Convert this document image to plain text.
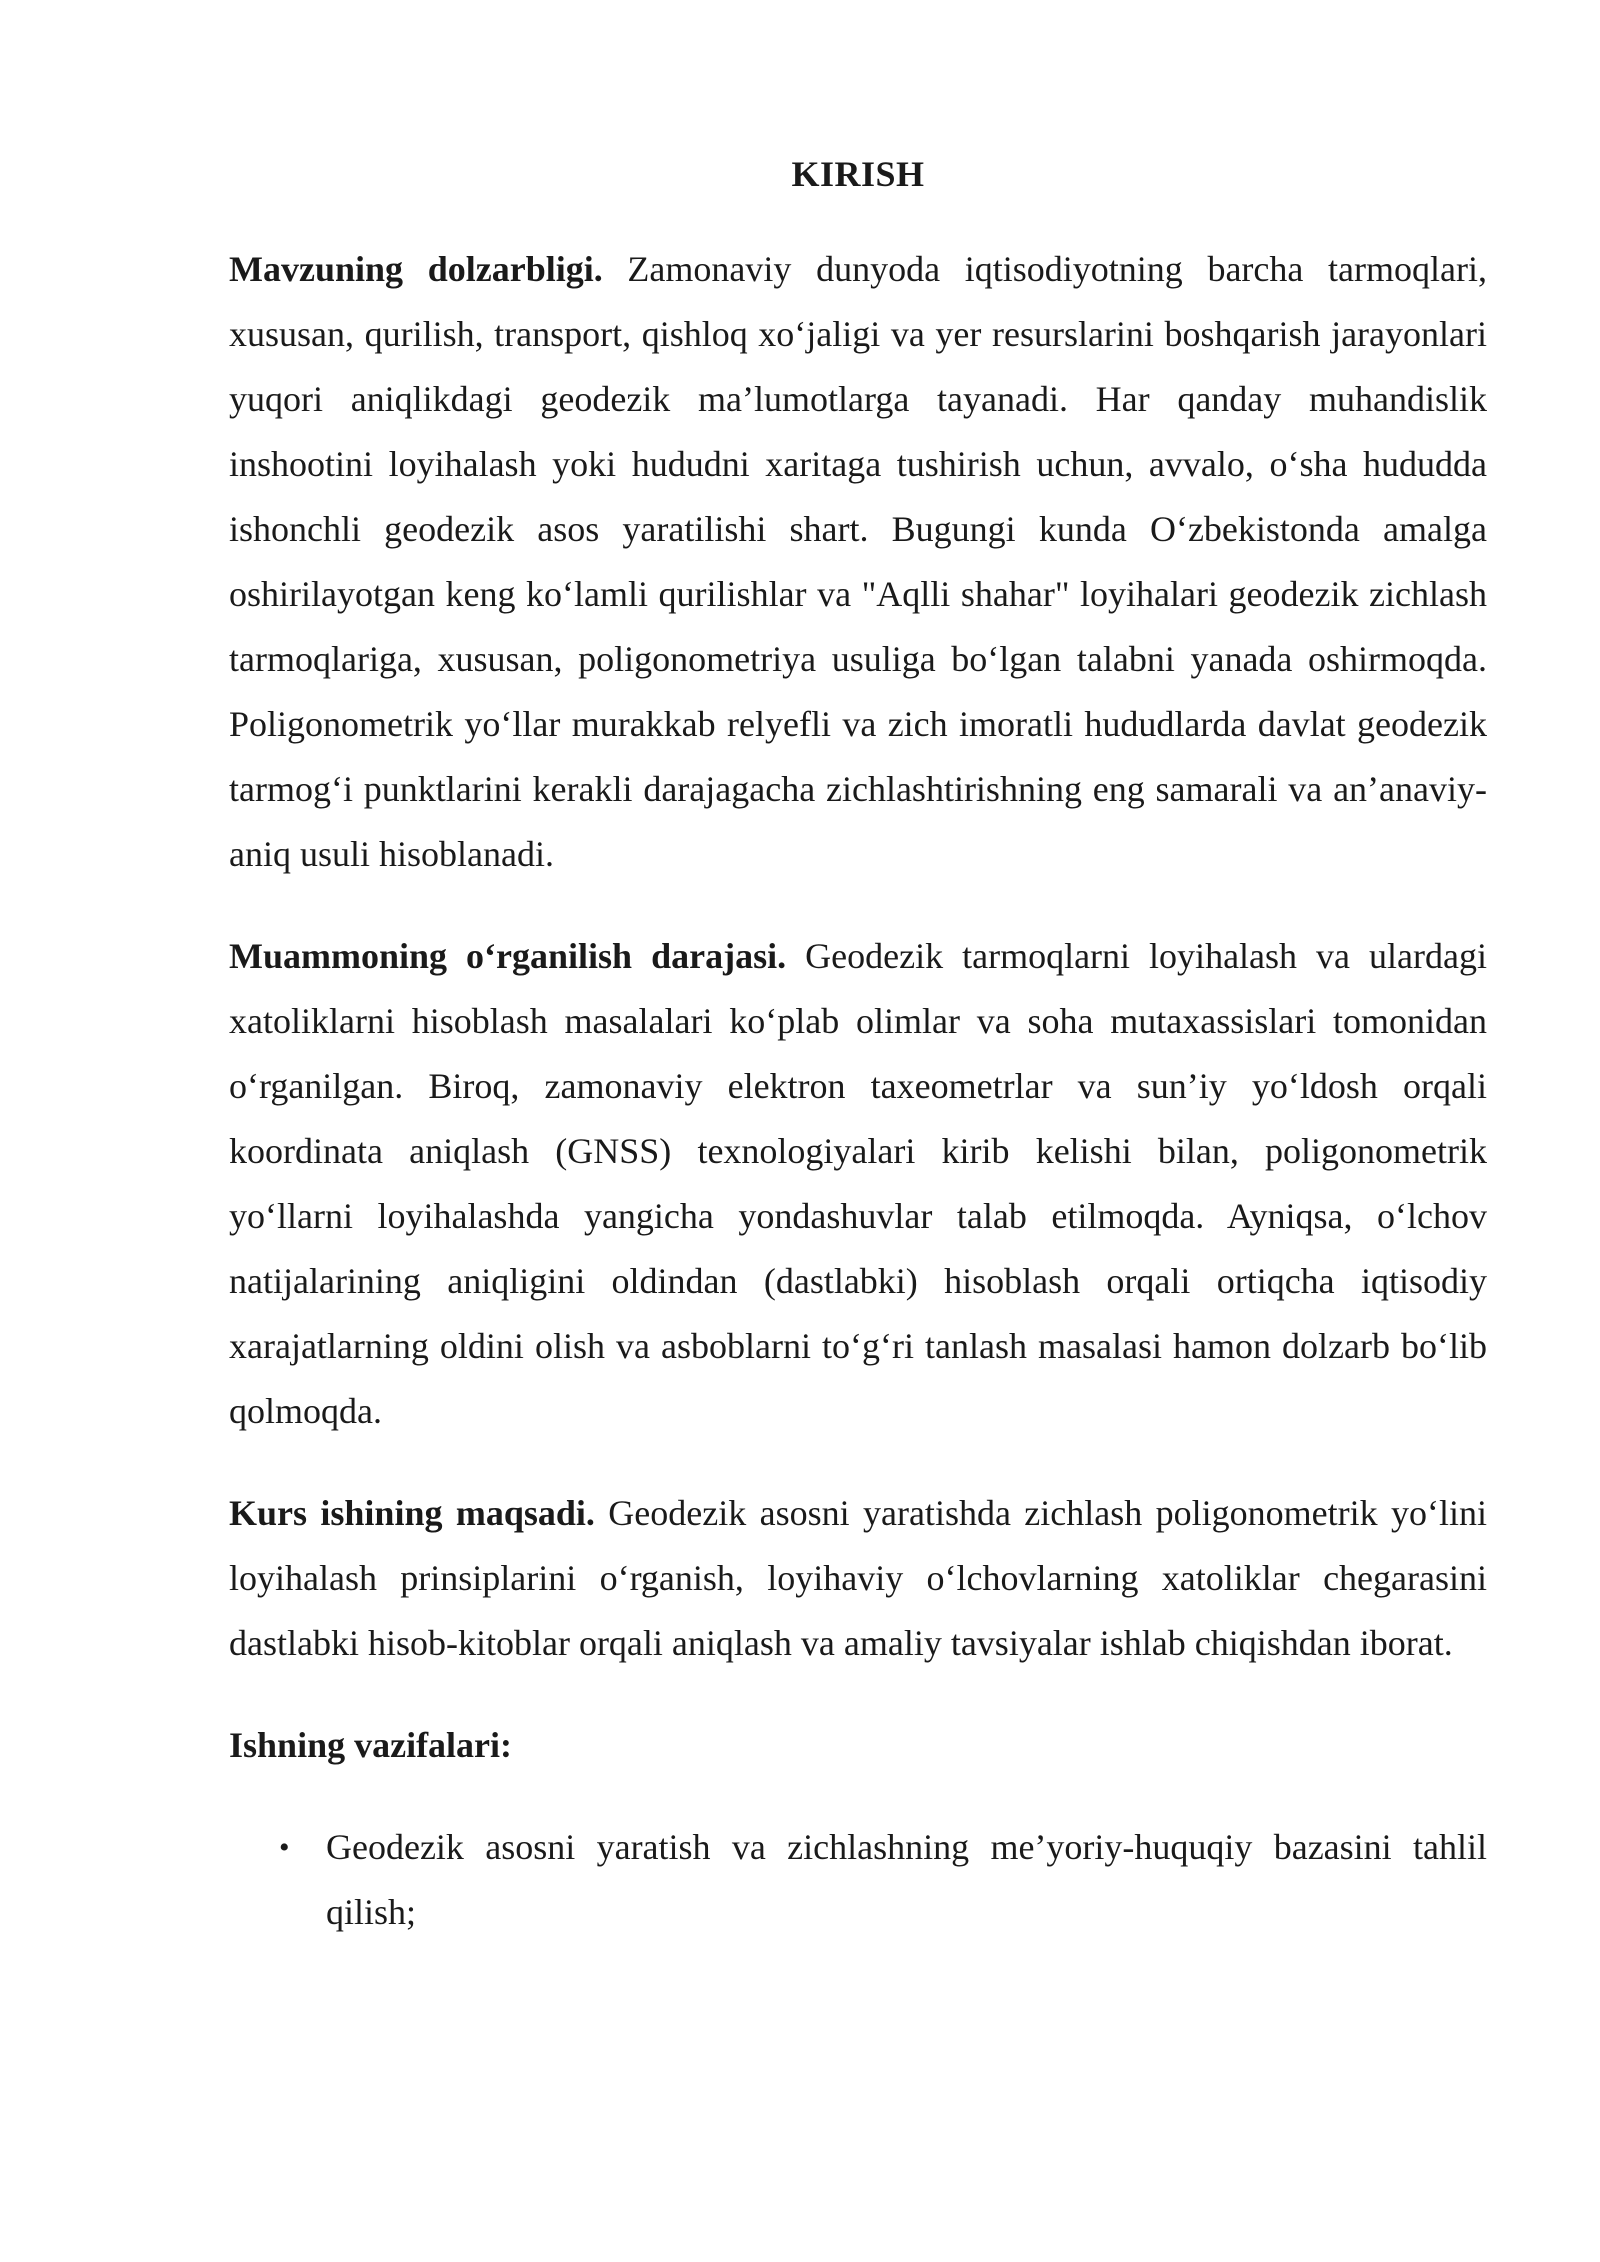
KIRISH

Mavzuning dolzarbligi. Zamonaviy dunyoda iqtisodiyotning barcha tarmoqlari, xususan, qurilish, transport, qishloq xo‘jaligi va yer resurslarini boshqarish jarayonlari yuqori aniqlikdagi geodezik ma’lumotlarga tayanadi. Har qanday muhandislik inshootini loyihalash yoki hududni xaritaga tushirish uchun, avvalo, o‘sha hududda ishonchli geodezik asos yaratilishi shart. Bugungi kunda O‘zbekistonda amalga oshirilayotgan keng ko‘lamli qurilishlar va "Aqlli shahar" loyihalari geodezik zichlash tarmoqlariga, xususan, poligonometriya usuliga bo‘lgan talabni yanada oshirmoqda. Poligonometrik yo‘llar murakkab relyefli va zich imoratli hududlarda davlat geodezik tarmog‘i punktlarini kerakli darajagacha zichlashtirishning eng samarali va an’anaviy-aniq usuli hisoblanadi.

Muammoning o‘rganilish darajasi. Geodezik tarmoqlarni loyihalash va ulardagi xatoliklarni hisoblash masalalari ko‘plab olimlar va soha mutaxassislari tomonidan o‘rganilgan. Biroq, zamonaviy elektron taxeometrlar va sun’iy yo‘ldosh orqali koordinata aniqlash (GNSS) texnologiyalari kirib kelishi bilan, poligonometrik yo‘llarni loyihalashda yangicha yondashuvlar talab etilmoqda. Ayniqsa, o‘lchov natijalarining aniqligini oldindan (dastlabki) hisoblash orqali ortiqcha iqtisodiy xarajatlarning oldini olish va asboblarni to‘g‘ri tanlash masalasi hamon dolzarb bo‘lib qolmoqda.

Kurs ishining maqsadi. Geodezik asosni yaratishda zichlash poligonometrik yo‘lini loyihalash prinsiplarini o‘rganish, loyihaviy o‘lchovlarning xatoliklar chegarasini dastlabki hisob-kitoblar orqali aniqlash va amaliy tavsiyalar ishlab chiqishdan iborat.

Ishning vazifalari:

• Geodezik asosni yaratish va zichlashning me’yoriy-huquqiy bazasini tahlil qilish;
